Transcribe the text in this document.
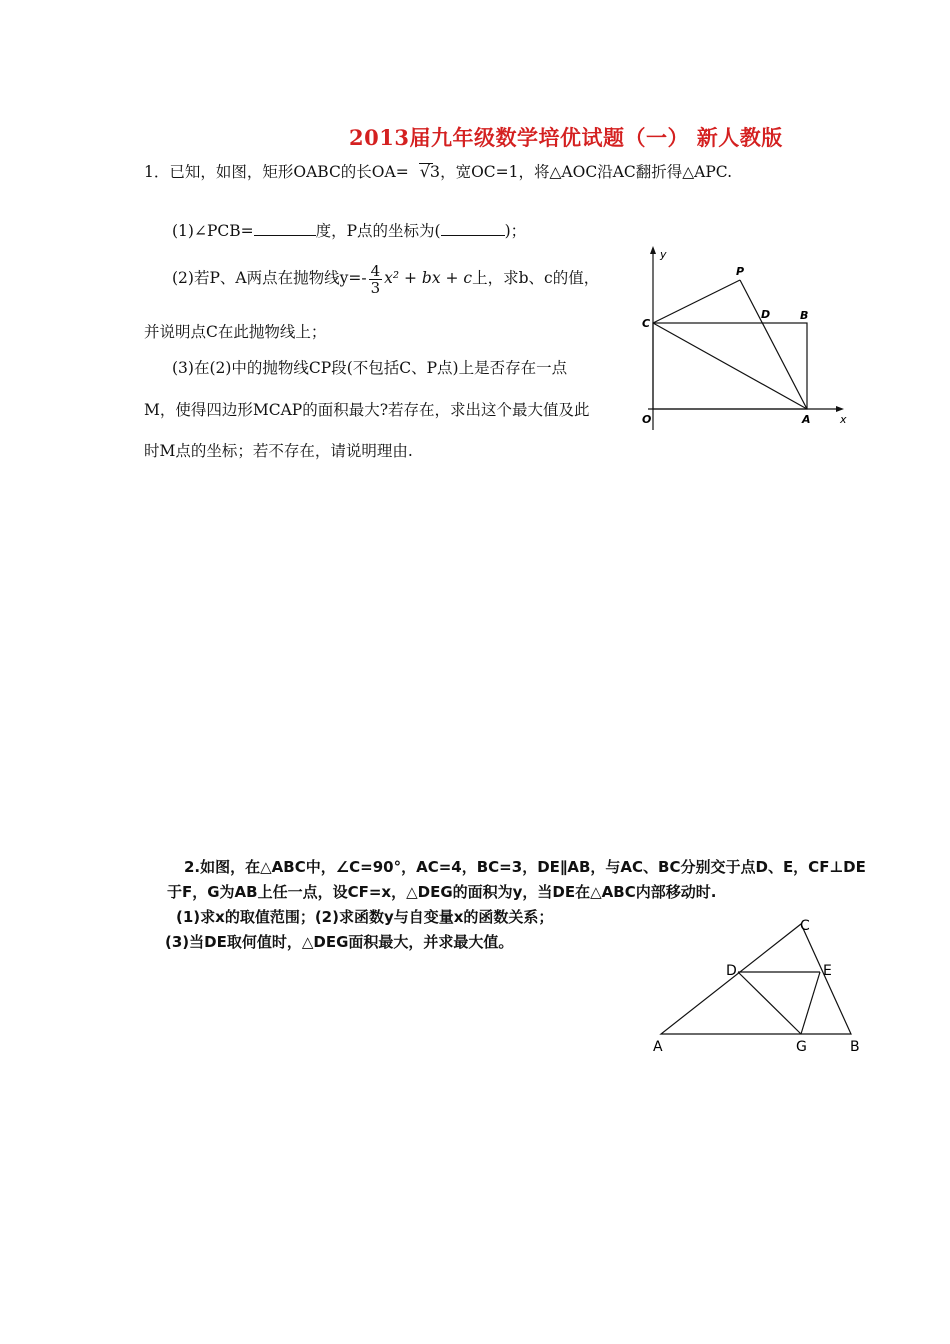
2013届九年级数学培优试题（一） 新人教版
1．已知，如图，矩形OABC的长OA= √
3，宽OC=1，将△AOC沿AC翻折得△APC.
(1)∠PCB=	度，P点的坐标为(	)；
(2)若P、A两点在抛物线$y=- \frac{4}{3} x^2$ + bx + c上，求b、c的值，
并说明点C在此抛物线上；
(3)在(2)中的抛物线CP段(不包括C、P点)上是否存在一点
M，使得四边形MCAP的面积最大?若存在，求出这个最大值及此
时M点的坐标；若不存在，请说明理由.
y
x
P
C
D	B
O	A
2.如图，在△ABC中，∠C=90°，AC=4，BC=3，DE∥AB，与AC、BC分别交于点D、E，CF⊥DE
于F，G为AB上任一点，设CF=x，△DEG的面积为y，当DE在△ABC内部移动时.
(1)求x的取值范围；(2)求函数y与自变量x的函数关系；
(3)当DE取何值时，△DEG面积最大，并求最大值。
C
D	E
A	G	B
